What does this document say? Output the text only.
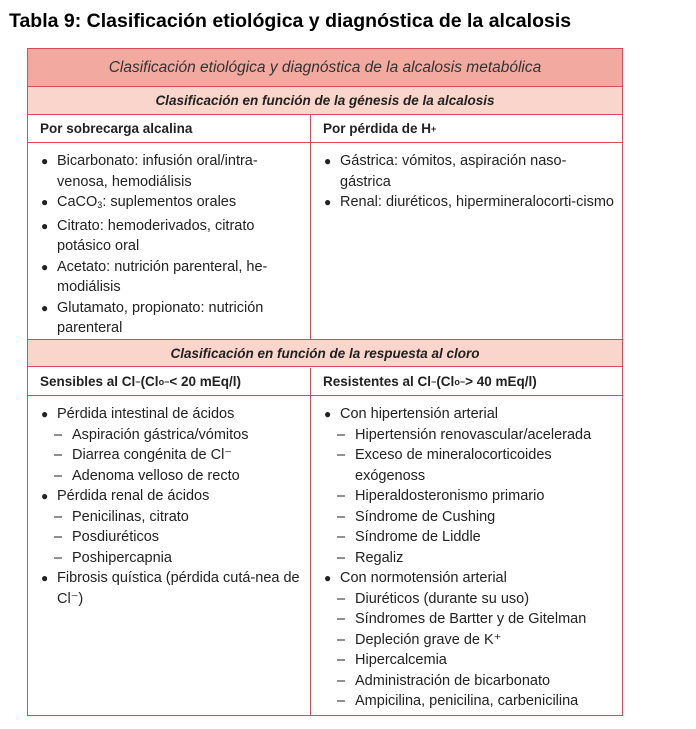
Tabla 9: Clasificación etiológica y diagnóstica de la alcalosis
Clasificación etiológica y diagnóstica de la alcalosis metabólica
Clasificación en función de la génesis de la alcalosis
Por sobrecarga alcalina	Por pérdida de H +
● Bicarbonato: infusión oral/intra-venosa, hemodiálisis
● CaCO$_3$: suplementos orales
● Citrato: hemoderivados, citrato potásico oral
● Acetato: nutrición parenteral, he-modiálisis
● Glutamato, propionato: nutrición parenteral
● Gástrica: vómitos, aspiración naso-gástrica
● Renal: diuréticos, hipermineralocorti-cismo
Clasificación en función de la respuesta al cloro
Sensibles al Cl − (Cl o − < 20 mEq/l)	Resistentes al Cl − (Cl o − > 40 mEq/l)
● Pérdida intestinal de ácidos
– Aspiración gástrica/vómitos
– Diarrea congénita de Cl⁻
– Adenoma velloso de recto
● Pérdida renal de ácidos
– Penicilinas, citrato
– Posdiuréticos
– Poshipercapnia
● Fibrosis quística (pérdida cutá-nea de Cl⁻)
● Con hipertensión arterial
– Hipertensión renovascular/acelerada
– Exceso de mineralocorticoides exógenoss
– Hiperaldosteronismo primario
– Síndrome de Cushing
– Síndrome de Liddle
– Regaliz
● Con normotensión arterial
– Diuréticos (durante su uso)
– Síndromes de Bartter y de Gitelman
– Depleción grave de K⁺
– Hipercalcemia
– Administración de bicarbonato
– Ampicilina, penicilina, carbenicilina
